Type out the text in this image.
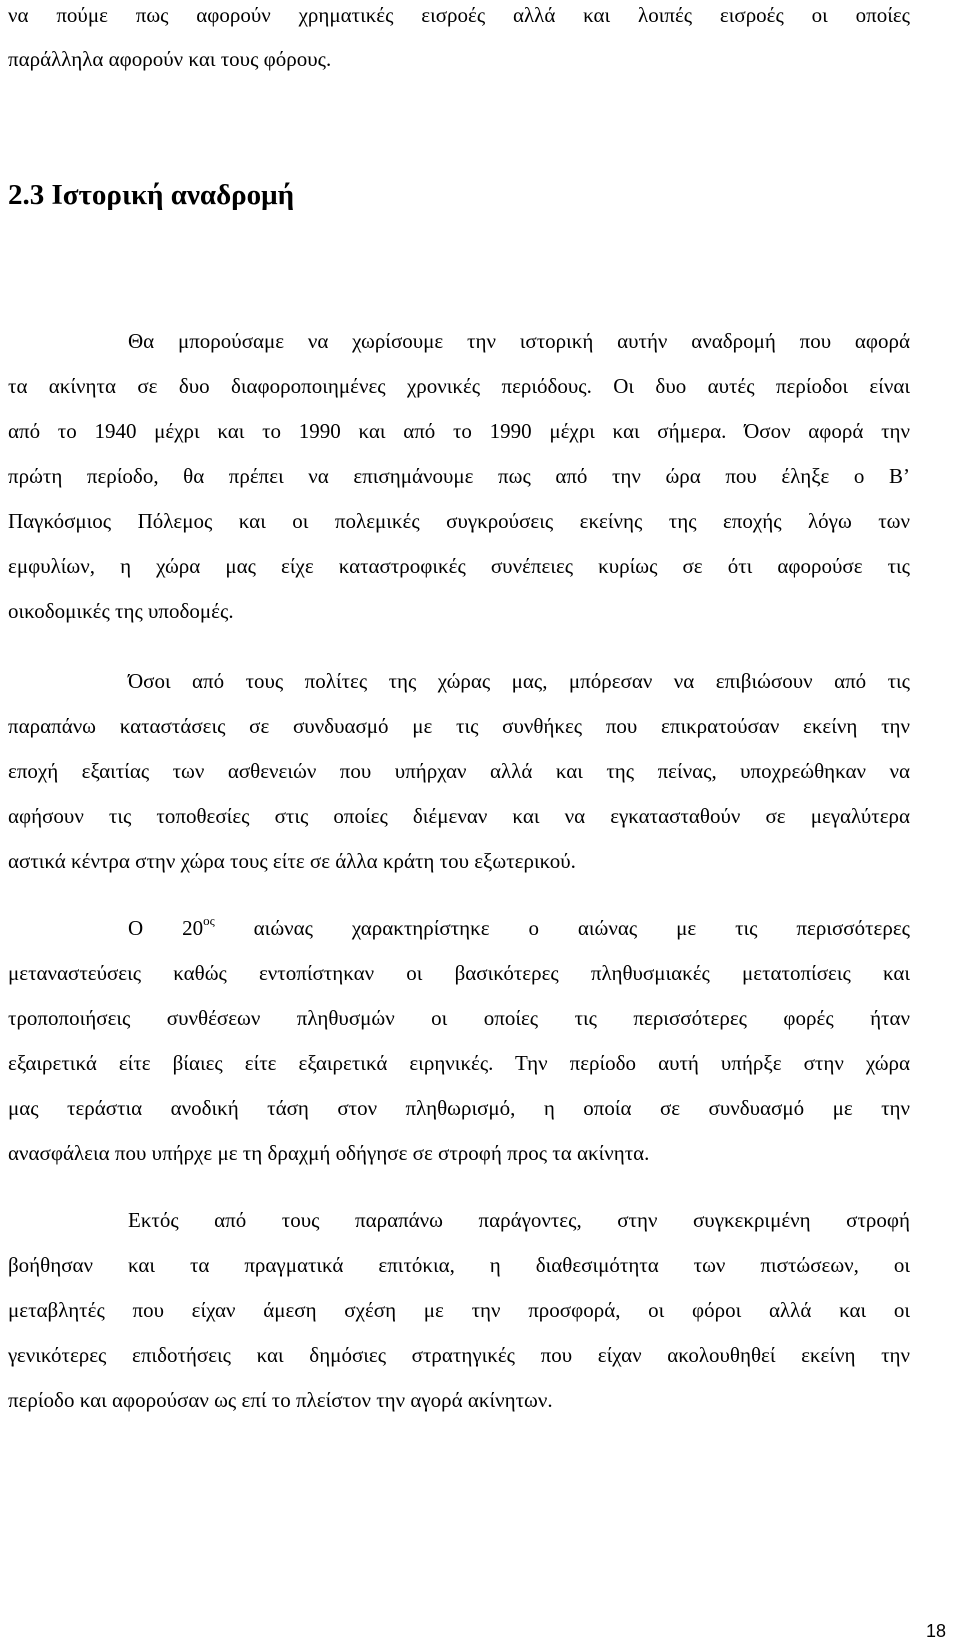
να πούμε πως αφορούν χρηματικές εισροές αλλά και λοιπές εισροές οι οποίες
παράλληλα αφορούν και τους φόρους.
2.3 Ιστορική αναδρομή
Θα μπορούσαμε να χωρίσουμε την ιστορική αυτήν αναδρομή που αφορά
τα ακίνητα σε δυο διαφοροποιημένες χρονικές περιόδους. Οι δυο αυτές περίοδοι είναι
από το 1940 μέχρι και το 1990 και από το 1990 μέχρι και σήμερα. Όσον αφορά την
πρώτη περίοδο, θα πρέπει να επισημάνουμε πως από την ώρα που έληξε ο Β’
Παγκόσμιος Πόλεμος και οι πολεμικές συγκρούσεις εκείνης της εποχής λόγω των
εμφυλίων, η χώρα μας είχε καταστροφικές συνέπειες κυρίως σε ότι αφορούσε τις
οικοδομικές της υποδομές.
Όσοι από τους πολίτες της χώρας μας, μπόρεσαν να επιβιώσουν από τις
παραπάνω καταστάσεις σε συνδυασμό με τις συνθήκες που επικρατούσαν εκείνη την
εποχή εξαιτίας των ασθενειών που υπήρχαν αλλά και της πείνας, υποχρεώθηκαν να
αφήσουν τις τοποθεσίες στις οποίες διέμεναν και να εγκατασταθούν σε μεγαλύτερα
αστικά κέντρα στην χώρα τους είτε σε άλλα κράτη του εξωτερικού.
Ο $20^{o\varsigma}$ αιώνας χαρακτηρίστηκε ο αιώνας με τις περισσότερες
μεταναστεύσεις καθώς εντοπίστηκαν οι βασικότερες πληθυσμιακές μετατοπίσεις και
τροποποιήσεις συνθέσεων πληθυσμών οι οποίες τις περισσότερες φορές ήταν
εξαιρετικά είτε βίαιες είτε εξαιρετικά ειρηνικές. Την περίοδο αυτή υπήρξε στην χώρα
μας τεράστια ανοδική τάση στον πληθωρισμό, η οποία σε συνδυασμό με την
ανασφάλεια που υπήρχε με τη δραχμή οδήγησε σε στροφή προς τα ακίνητα.
Εκτός από τους παραπάνω παράγοντες, στην συγκεκριμένη στροφή
βοήθησαν και τα πραγματικά επιτόκια, η διαθεσιμότητα των πιστώσεων, οι
μεταβλητές που είχαν άμεση σχέση με την προσφορά, οι φόροι αλλά και οι
γενικότερες επιδοτήσεις και δημόσιες στρατηγικές που είχαν ακολουθηθεί εκείνη την
περίοδο και αφορούσαν ως επί το πλείστον την αγορά ακίνητων.
18
